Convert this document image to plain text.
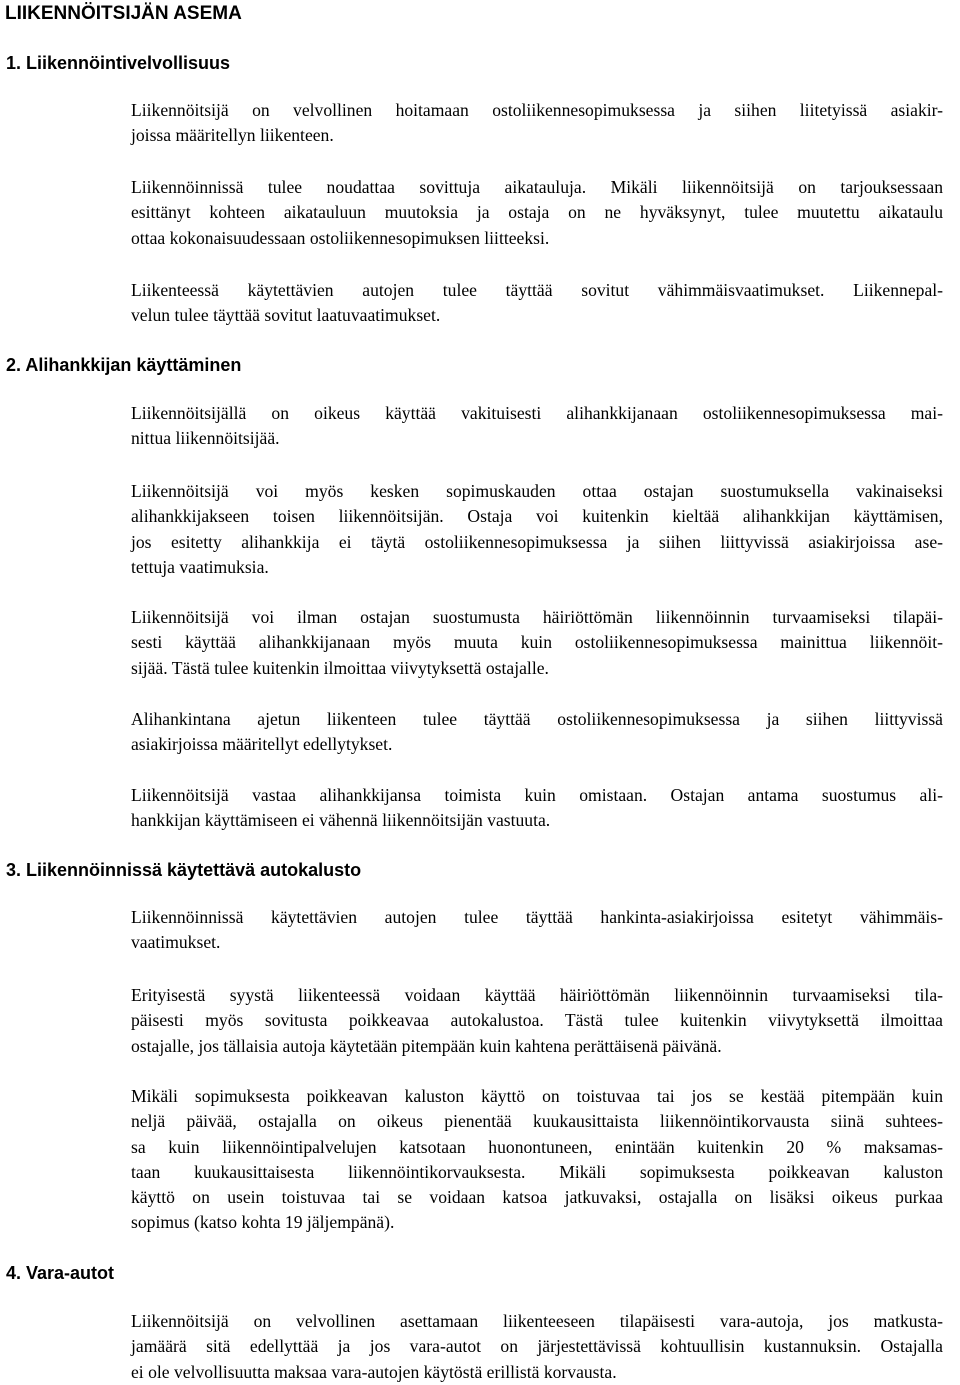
LIIKENNÖITSIJÄN ASEMA
1. Liikennöintivelvollisuus

Liikennöitsijä on velvollinen hoitamaan ostoliikennesopimuksessa ja siihen liitetyissä asiakir-
joissa määritellyn liikenteen.

Liikennöinnissä tulee noudattaa sovittuja aikatauluja. Mikäli liikennöitsijä on tarjouksessaan
esittänyt kohteen aikatauluun muutoksia ja ostaja on ne hyväksynyt, tulee muutettu aikataulu
ottaa kokonaisuudessaan ostoliikennesopimuksen liitteeksi.

Liikenteessä käytettävien autojen tulee täyttää sovitut vähimmäisvaatimukset. Liikennepal-
velun tulee täyttää sovitut laatuvaatimukset.

2. Alihankkijan käyttäminen

Liikennöitsijällä on oikeus käyttää vakituisesti alihankkijanaan ostoliikennesopimuksessa mai-
nittua liikennöitsijää.

Liikennöitsijä voi myös kesken sopimuskauden ottaa ostajan suostumuksella vakinaiseksi
alihankkijakseen toisen liikennöitsijän. Ostaja voi kuitenkin kieltää alihankkijan käyttämisen,
jos esitetty alihankkija ei täytä ostoliikennesopimuksessa ja siihen liittyvissä asiakirjoissa ase-
tettuja vaatimuksia.

Liikennöitsijä voi ilman ostajan suostumusta häiriöttömän liikennöinnin turvaamiseksi tilapäi-
sesti käyttää alihankkijanaan myös muuta kuin ostoliikennesopimuksessa mainittua liikennöit-
sijää. Tästä tulee kuitenkin ilmoittaa viivytyksettä ostajalle.

Alihankintana ajetun liikenteen tulee täyttää ostoliikennesopimuksessa ja siihen liittyvissä
asiakirjoissa määritellyt edellytykset.

Liikennöitsijä vastaa alihankkijansa toimista kuin omistaan. Ostajan antama suostumus ali-
hankkijan käyttämiseen ei vähennä liikennöitsijän vastuuta.

3. Liikennöinnissä käytettävä autokalusto

Liikennöinnissä käytettävien autojen tulee täyttää hankinta-asiakirjoissa esitetyt vähimmäis-
vaatimukset.

Erityisestä syystä liikenteessä voidaan käyttää häiriöttömän liikennöinnin turvaamiseksi tila-
päisesti myös sovitusta poikkeavaa autokalustoa. Tästä tulee kuitenkin viivytyksettä ilmoittaa
ostajalle, jos tällaisia autoja käytetään pitempään kuin kahtena perättäisenä päivänä.

Mikäli sopimuksesta poikkeavan kaluston käyttö on toistuvaa tai jos se kestää pitempään kuin
neljä päivää, ostajalla on oikeus pienentää kuukausittaista liikennöintikorvausta siinä suhtees-
sa kuin liikennöintipalvelujen katsotaan huonontuneen, enintään kuitenkin 20 % maksamas-
taan kuukausittaisesta liikennöintikorvauksesta. Mikäli sopimuksesta poikkeavan kaluston
käyttö on usein toistuvaa tai se voidaan katsoa jatkuvaksi, ostajalla on lisäksi oikeus purkaa
sopimus (katso kohta 19 jäljempänä).

4. Vara-autot

Liikennöitsijä on velvollinen asettamaan liikenteeseen tilapäisesti vara-autoja, jos matkusta-
jamäärä sitä edellyttää ja jos vara-autot on järjestettävissä kohtuullisin kustannuksin. Ostajalla
ei ole velvollisuutta maksaa vara-autojen käytöstä erillistä korvausta.
